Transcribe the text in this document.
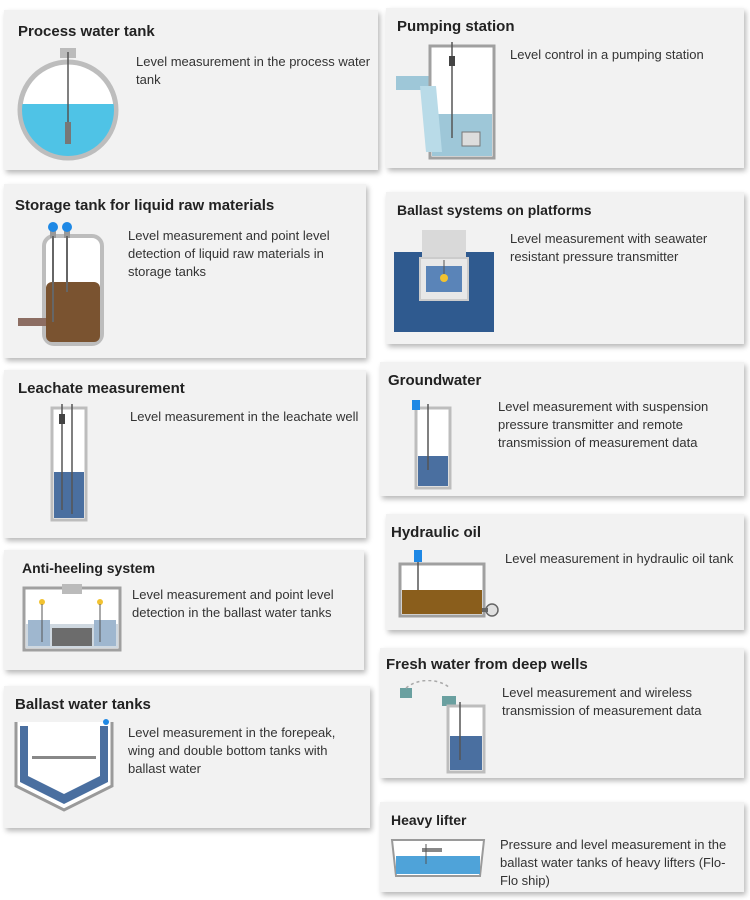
Process water tank
Level measurement in the process water tank
Storage tank for liquid raw materials
Level measurement and point level detection of liquid raw materials in storage tanks
Leachate measurement
Level measurement in the leachate well
Anti-heeling system
Level measurement and point level detection in the ballast water tanks
Ballast water tanks
Level measurement in the forepeak, wing and double bottom tanks with ballast water
Pumping station
Level control in a pumping station
Ballast systems on platforms
Level measurement with seawater resistant pressure transmitter
Groundwater
Level measurement with suspension pressure transmitter and remote transmission of measurement data
Hydraulic oil
Level measurement in hydraulic oil tank
Fresh water from deep wells
Level measurement and wireless transmission of measurement data
Heavy lifter
Pressure and level measurement in the ballast water tanks of heavy lifters (Flo-Flo ship)
